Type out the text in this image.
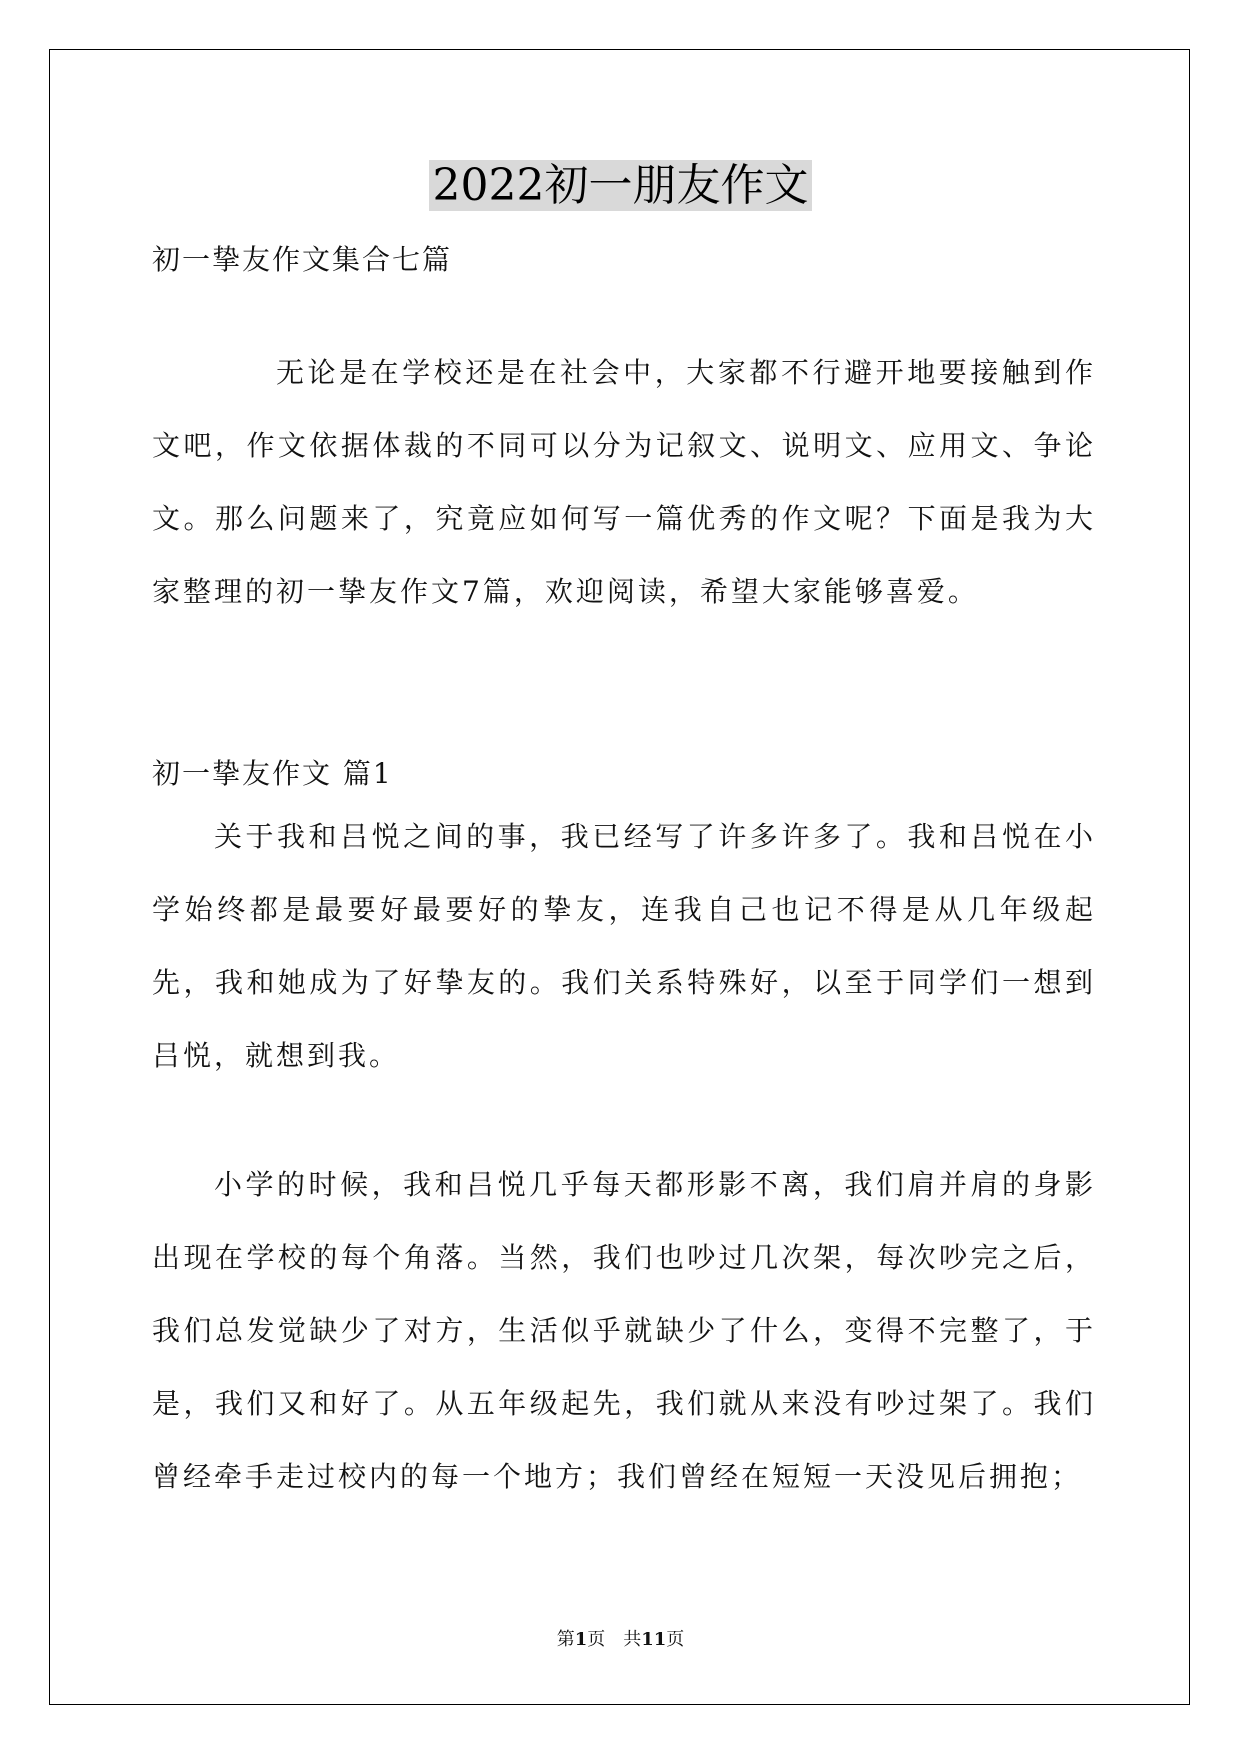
2022初一朋友作文
初一挚友作文集合七篇
无论是在学校还是在社会中，大家都不行避开地要接触到作文吧，作文依据体裁的不同可以分为记叙文、说明文、应用文、争论文。那么问题来了，究竟应如何写一篇优秀的作文呢？下面是我为大家整理的初一挚友作文7篇，欢迎阅读，希望大家能够喜爱。
初一挚友作文 篇1
关于我和吕悦之间的事，我已经写了许多许多了。我和吕悦在小学始终都是最要好最要好的挚友，连我自己也记不得是从几年级起先，我和她成为了好挚友的。我们关系特殊好，以至于同学们一想到吕悦，就想到我。
小学的时候，我和吕悦几乎每天都形影不离，我们肩并肩的身影出现在学校的每个角落。当然，我们也吵过几次架，每次吵完之后，我们总发觉缺少了对方，生活似乎就缺少了什么，变得不完整了，于是，我们又和好了。从五年级起先，我们就从来没有吵过架了。我们曾经牵手走过校内的每一个地方；我们曾经在短短一天没见后拥抱；
第1页　共11页
